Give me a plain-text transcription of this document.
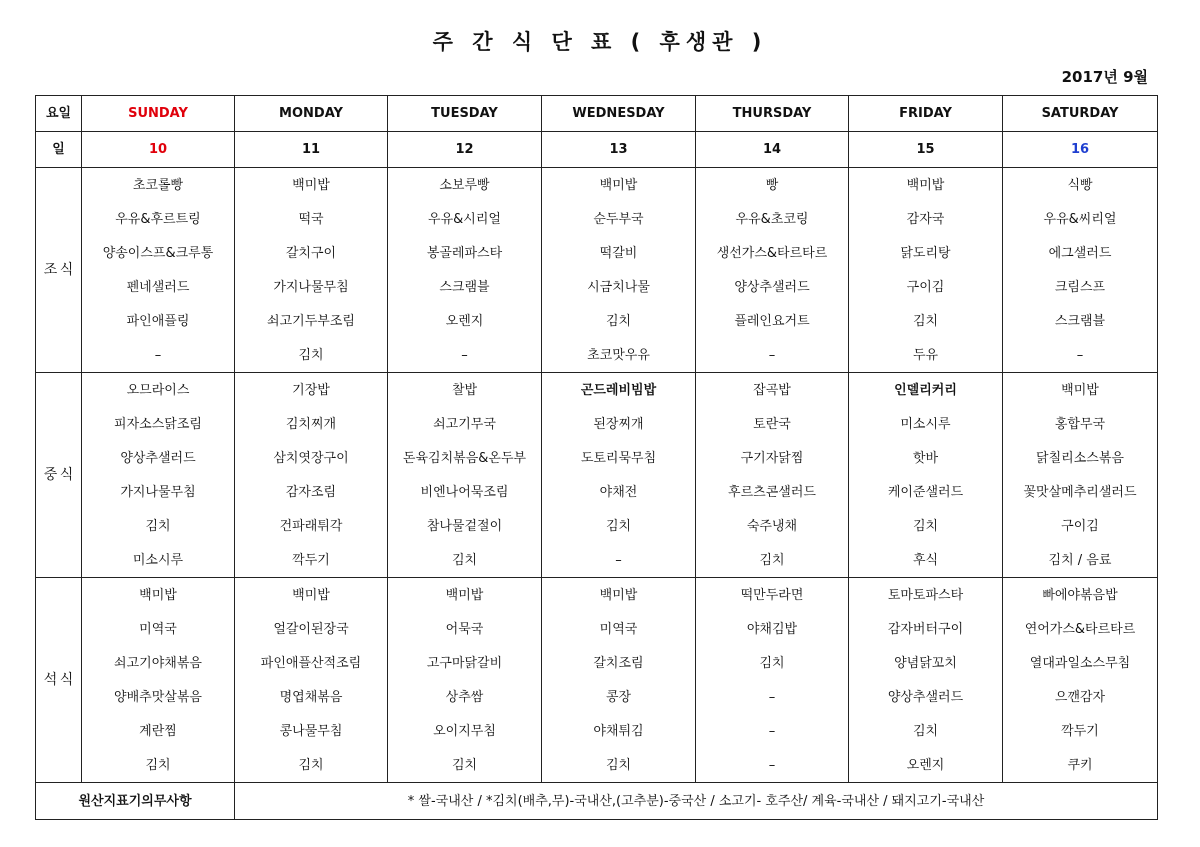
주 간 식 단 표 ( 후생관 )
2017년 9월
요일	SUNDAY	MONDAY	TUESDAY	WEDNESDAY	THURSDAY	FRIDAY	SATURDAY
일	10	11	12	13	14	15	16
조 식	초코롤빵	백미밥	소보루빵	백미밥	빵	백미밥	식빵
	우유&후르트링	떡국	우유&시리얼	순두부국	우유&초코링	감자국	우유&씨리얼
	양송이스프&크루통	갈치구이	봉골레파스타	떡갈비	생선가스&타르타르	닭도리탕	에그샐러드
	펜네샐러드	가지나물무침	스크램블	시금치나물	양상추샐러드	구이김	크림스프
	파인애플링	쇠고기두부조림	오렌지	김치	플레인요거트	김치	스크램블
	–	김치	–	초코맛우유	–	두유	–
중 식	오므라이스	기장밥	찰밥	곤드레비빔밥	잡곡밥	인델리커리	백미밥
	피자소스닭조림	김치찌개	쇠고기무국	된장찌개	토란국	미소시루	홍합무국
	양상추샐러드	삼치엿장구이	돈육김치볶음&온두부	도토리묵무침	구기자닭찜	핫바	닭칠리소스볶음
	가지나물무침	감자조림	비엔나어묵조림	야채전	후르츠콘샐러드	케이준샐러드	꽃맛살메추리샐러드
	김치	건파래튀각	참나물겉절이	김치	숙주냉채	김치	구이김
	미소시루	깍두기	김치	–	김치	후식	김치 / 음료
석 식	백미밥	백미밥	백미밥	백미밥	떡만두라면	토마토파스타	빠에야볶음밥
	미역국	얼갈이된장국	어묵국	미역국	야채김밥	감자버터구이	연어가스&타르타르
	쇠고기야채볶음	파인애플산적조림	고구마닭갈비	갈치조림	김치	양념닭꼬치	열대과일소스무침
	양배추맛살볶음	명엽채볶음	상추쌈	콩장	–	양상추샐러드	으깬감자
	계란찜	콩나물무침	오이지무침	야채튀김	–	김치	깍두기
	김치	김치	김치	김치	–	오렌지	쿠키
원산지표기의무사항		* 쌀-국내산 / *김치(배추,무)-국내산,(고추분)-중국산 / 소고기- 호주산/ 계육-국내산 / 돼지고기-국내산					
